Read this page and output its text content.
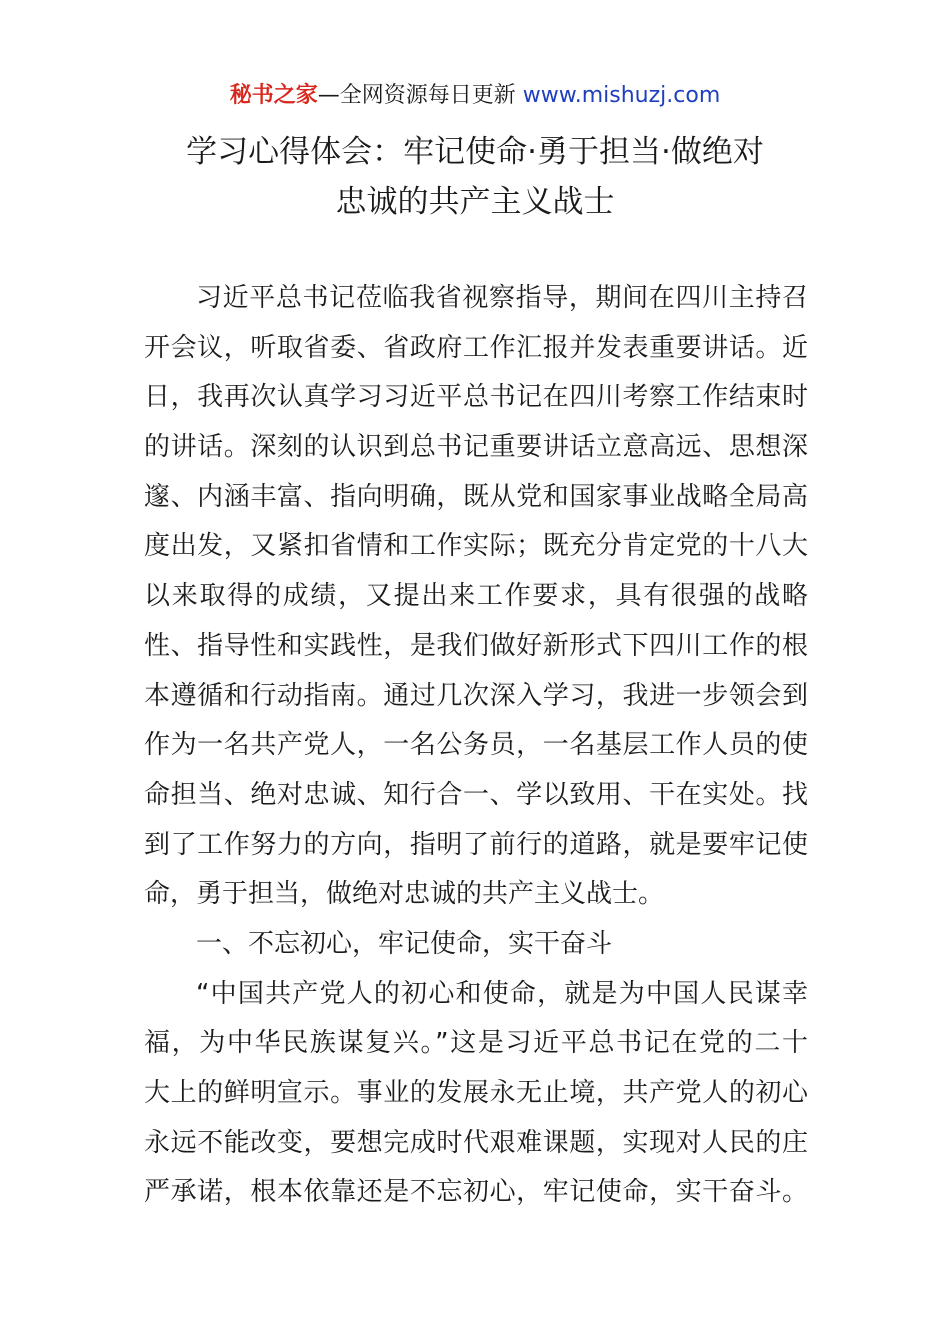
秘书之家—全网资源每日更新 www.mishuzj.com
学习心得体会：牢记使命·勇于担当·做绝对
忠诚的共产主义战士
习近平总书记莅临我省视察指导，期间在四川主持召
开会议，听取省委、省政府工作汇报并发表重要讲话。近
日，我再次认真学习习近平总书记在四川考察工作结束时
的讲话。深刻的认识到总书记重要讲话立意高远、思想深
邃、内涵丰富、指向明确，既从党和国家事业战略全局高
度出发，又紧扣省情和工作实际；既充分肯定党的十八大
以来取得的成绩，又提出来工作要求，具有很强的战略
性、指导性和实践性，是我们做好新形式下四川工作的根
本遵循和行动指南。通过几次深入学习，我进一步领会到
作为一名共产党人，一名公务员，一名基层工作人员的使
命担当、绝对忠诚、知行合一、学以致用、干在实处。找
到了工作努力的方向，指明了前行的道路，就是要牢记使
命，勇于担当，做绝对忠诚的共产主义战士。
一、不忘初心，牢记使命，实干奋斗
“中国共产党人的初心和使命，就是为中国人民谋幸
福，为中华民族谋复兴。”这是习近平总书记在党的二十
大上的鲜明宣示。事业的发展永无止境，共产党人的初心
永远不能改变，要想完成时代艰难课题，实现对人民的庄
严承诺，根本依靠还是不忘初心，牢记使命，实干奋斗。
